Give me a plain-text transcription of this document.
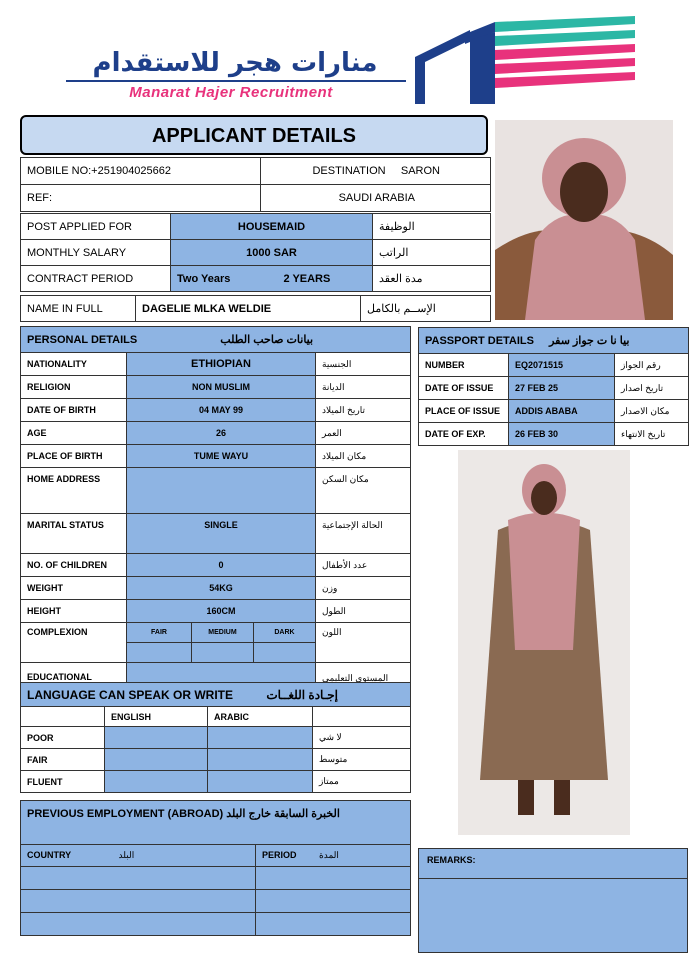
منارات هجر للاستقدام
Manarat Hajer Recruitment
APPLICANT DETAILS
MOBILE NO:+251904025662	DESTINATION SARON
REF:	SAUDI ARABIA
POST APPLIED FOR	HOUSEMAID	الوظيفة
MONTHLY SALARY	1000 SAR	الراتب
CONTRACT PERIOD	Two Years 2 YEARS	مدة العقد
NAME IN FULL	DAGELIE MLKA WELDIE	الإســم بالكامل
PERSONAL DETAILS بيانات صاحب الطلب				
NATIONALITY	ETHIOPIAN			الجنسية
RELIGION	NON MUSLIM			الديانة
DATE OF BIRTH	04 MAY 99			تاريخ الميلاد
AGE	26			العمر
PLACE OF BIRTH	TUME WAYU			مكان الميلاد
HOME ADDRESS				مكان السكن
MARITAL STATUS	SINGLE			الحالة الإجتماعية
NO. OF CHILDREN	0			عدد الأطفال
WEIGHT	54KG			وزن
HEIGHT	160CM			الطول
COMPLEXION	FAIR	MEDIUM	DARK	اللون

EDUCATIONAL				المستوى التعليمي
LANGUAGE CAN SPEAK OR WRITE إجـادة اللغــات			
	ENGLISH	ARABIC	
POOR			لا شي
FAIR			متوسط
FLUENT			ممتاز
PREVIOUS EMPLOYMENT (ABROAD) الخبرة السابقة خارج البلد	
COUNTRY البلد	PERIOD المدة

PASSPORT DETAILS بيا نا ت جواز سفر		
NUMBER	EQ2071515	رقم الجواز
DATE OF ISSUE	27 FEB 25	تاريخ اصدار
PLACE OF ISSUE	ADDIS ABABA	مكان الاصدار
DATE OF EXP.	26 FEB 30	تاريخ الانتهاء
REMARKS:
